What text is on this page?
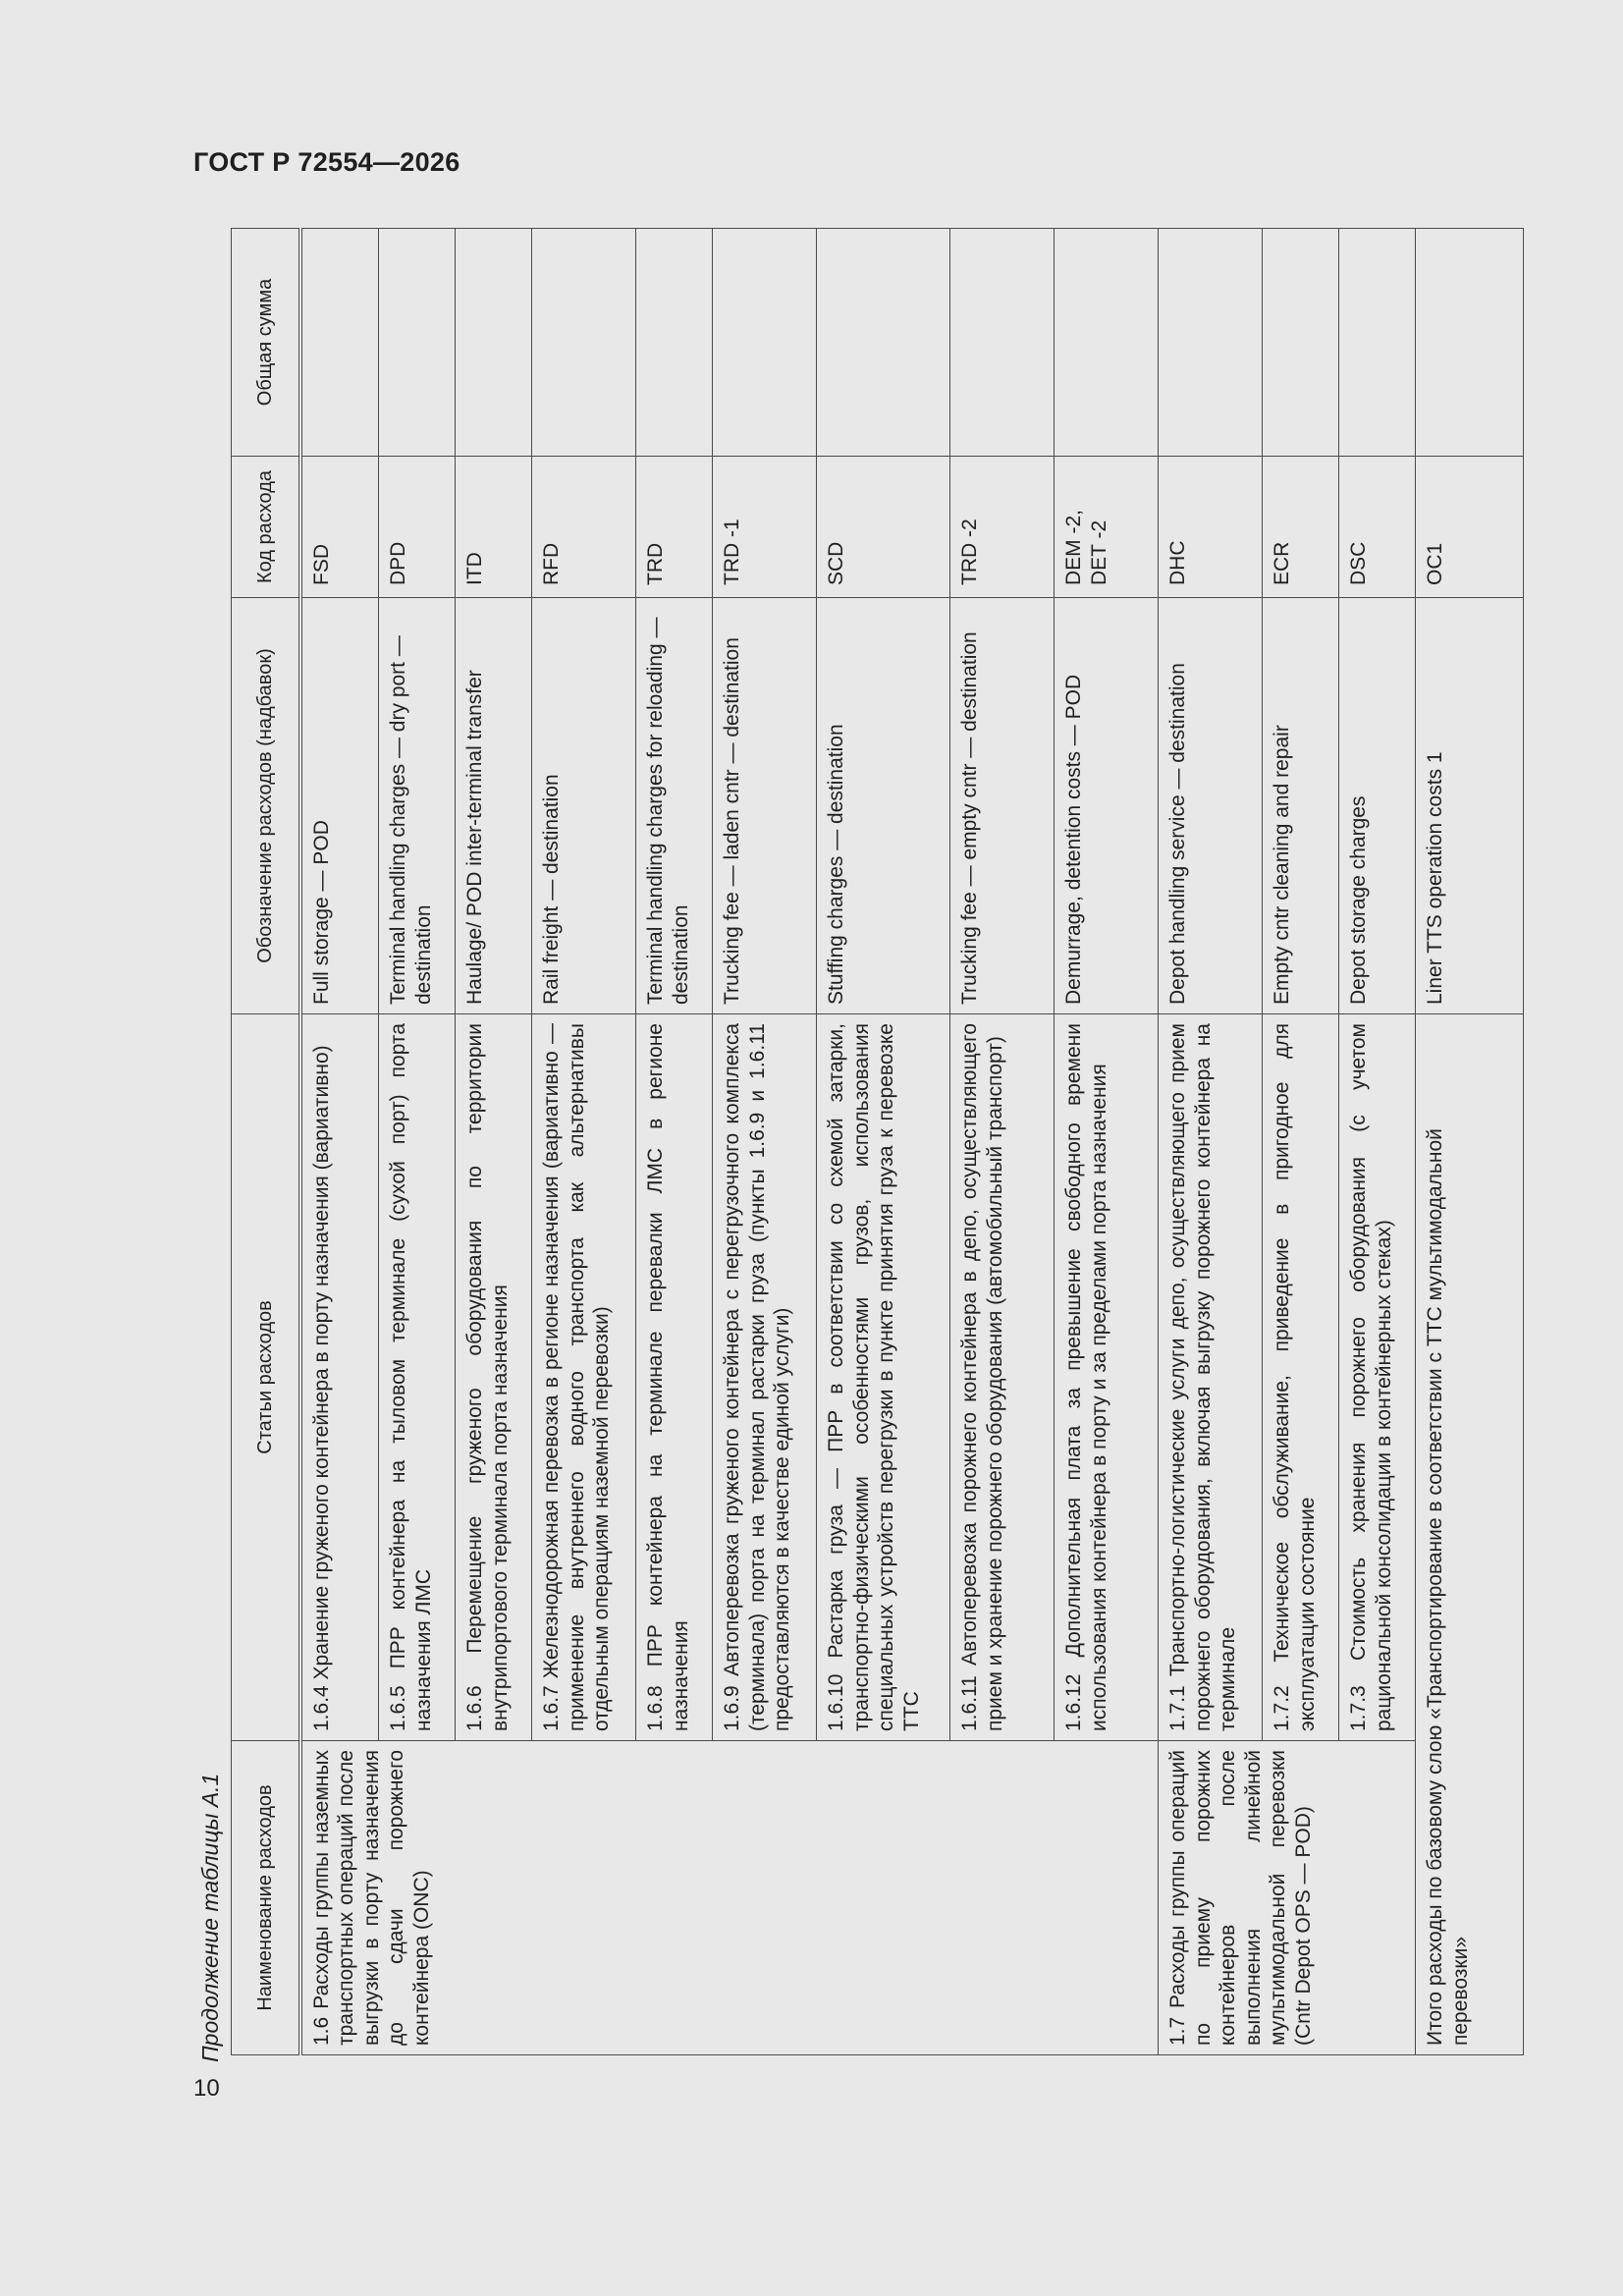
ГОСТ Р 72554—2026
Продолжение таблицы А.1
10
Наименование расходов	Статьи расходов	Обозначение расходов (надбавок)	Код расхода	Общая сумма
1.6 Расходы группы наземных транспортных операций после выгрузки в порту назначения до сдачи порожнего контейнера (ONC)	1.6.4 Хранение груженого контейнера в порту назначения (вариативно)	Full storage — POD	FSD	
	1.6.5 ПРР контейнера на тыловом терминале (сухой порт) порта назначения ЛМС	Terminal handling charges — dry port — destination	DPD	
	1.6.6 Перемещение груженого оборудования по территории внутрипортового терминала порта назначения	Haulage/ POD inter-terminal transfer	ITD	
	1.6.7 Железнодорожная перевозка в регионе назначения (вариативно — применение внутреннего водного транспорта как альтернативы отдельным операциям наземной перевозки)	Rail freight — destination	RFD	
	1.6.8 ПРР контейнера на терминале перевалки ЛМС в регионе назначения	Terminal handling charges for reloading — destination	TRD	
	1.6.9 Автоперевозка груженого контейнера с перегрузочного комплекса (терминала) порта на терминал растарки груза (пункты 1.6.9 и 1.6.11 предоставляются в качестве единой услуги)	Trucking fee — laden cntr — destination	TRD -1	
	1.6.10 Растарка груза — ПРР в соответствии со схемой затарки, транспортно-физическими особенностями грузов, использования специальных устройств перегрузки в пункте принятия груза к перевозке ТТС	Stuffing charges — destination	SCD	
	1.6.11 Автоперевозка порожнего контейнера в депо, осуществляющего прием и хранение порожнего оборудования (автомобильный транспорт)	Trucking fee — empty cntr — destination	TRD -2	
	1.6.12 Дополнительная плата за превышение свободного времени использования контейнера в порту и за пределами порта назначения	Demurrage, detention costs — POD	DEM -2, DET -2	
1.7 Расходы группы операций по приему порожних контейнеров после выполнения линейной мультимодальной перевозки (Cntr Depot OPS — POD)	1.7.1 Транспортно-логистические услуги депо, осуществляющего прием порожнего оборудования, включая выгрузку порожнего контейнера на терминале	Depot handling service — destination	DHC	
	1.7.2 Техническое обслуживание, приведение в пригодное для эксплуатации состояние	Empty cntr cleaning and repair	ECR	
	1.7.3 Стоимость хранения порожнего оборудования (с учетом рациональной консолидации в контейнерных стеках)	Depot storage charges	DSC	
Итого расходы по базовому слою «Транспортирование в соответствии с ТТС мультимодальной перевозки»		Liner TTS operation costs 1	OC1	
